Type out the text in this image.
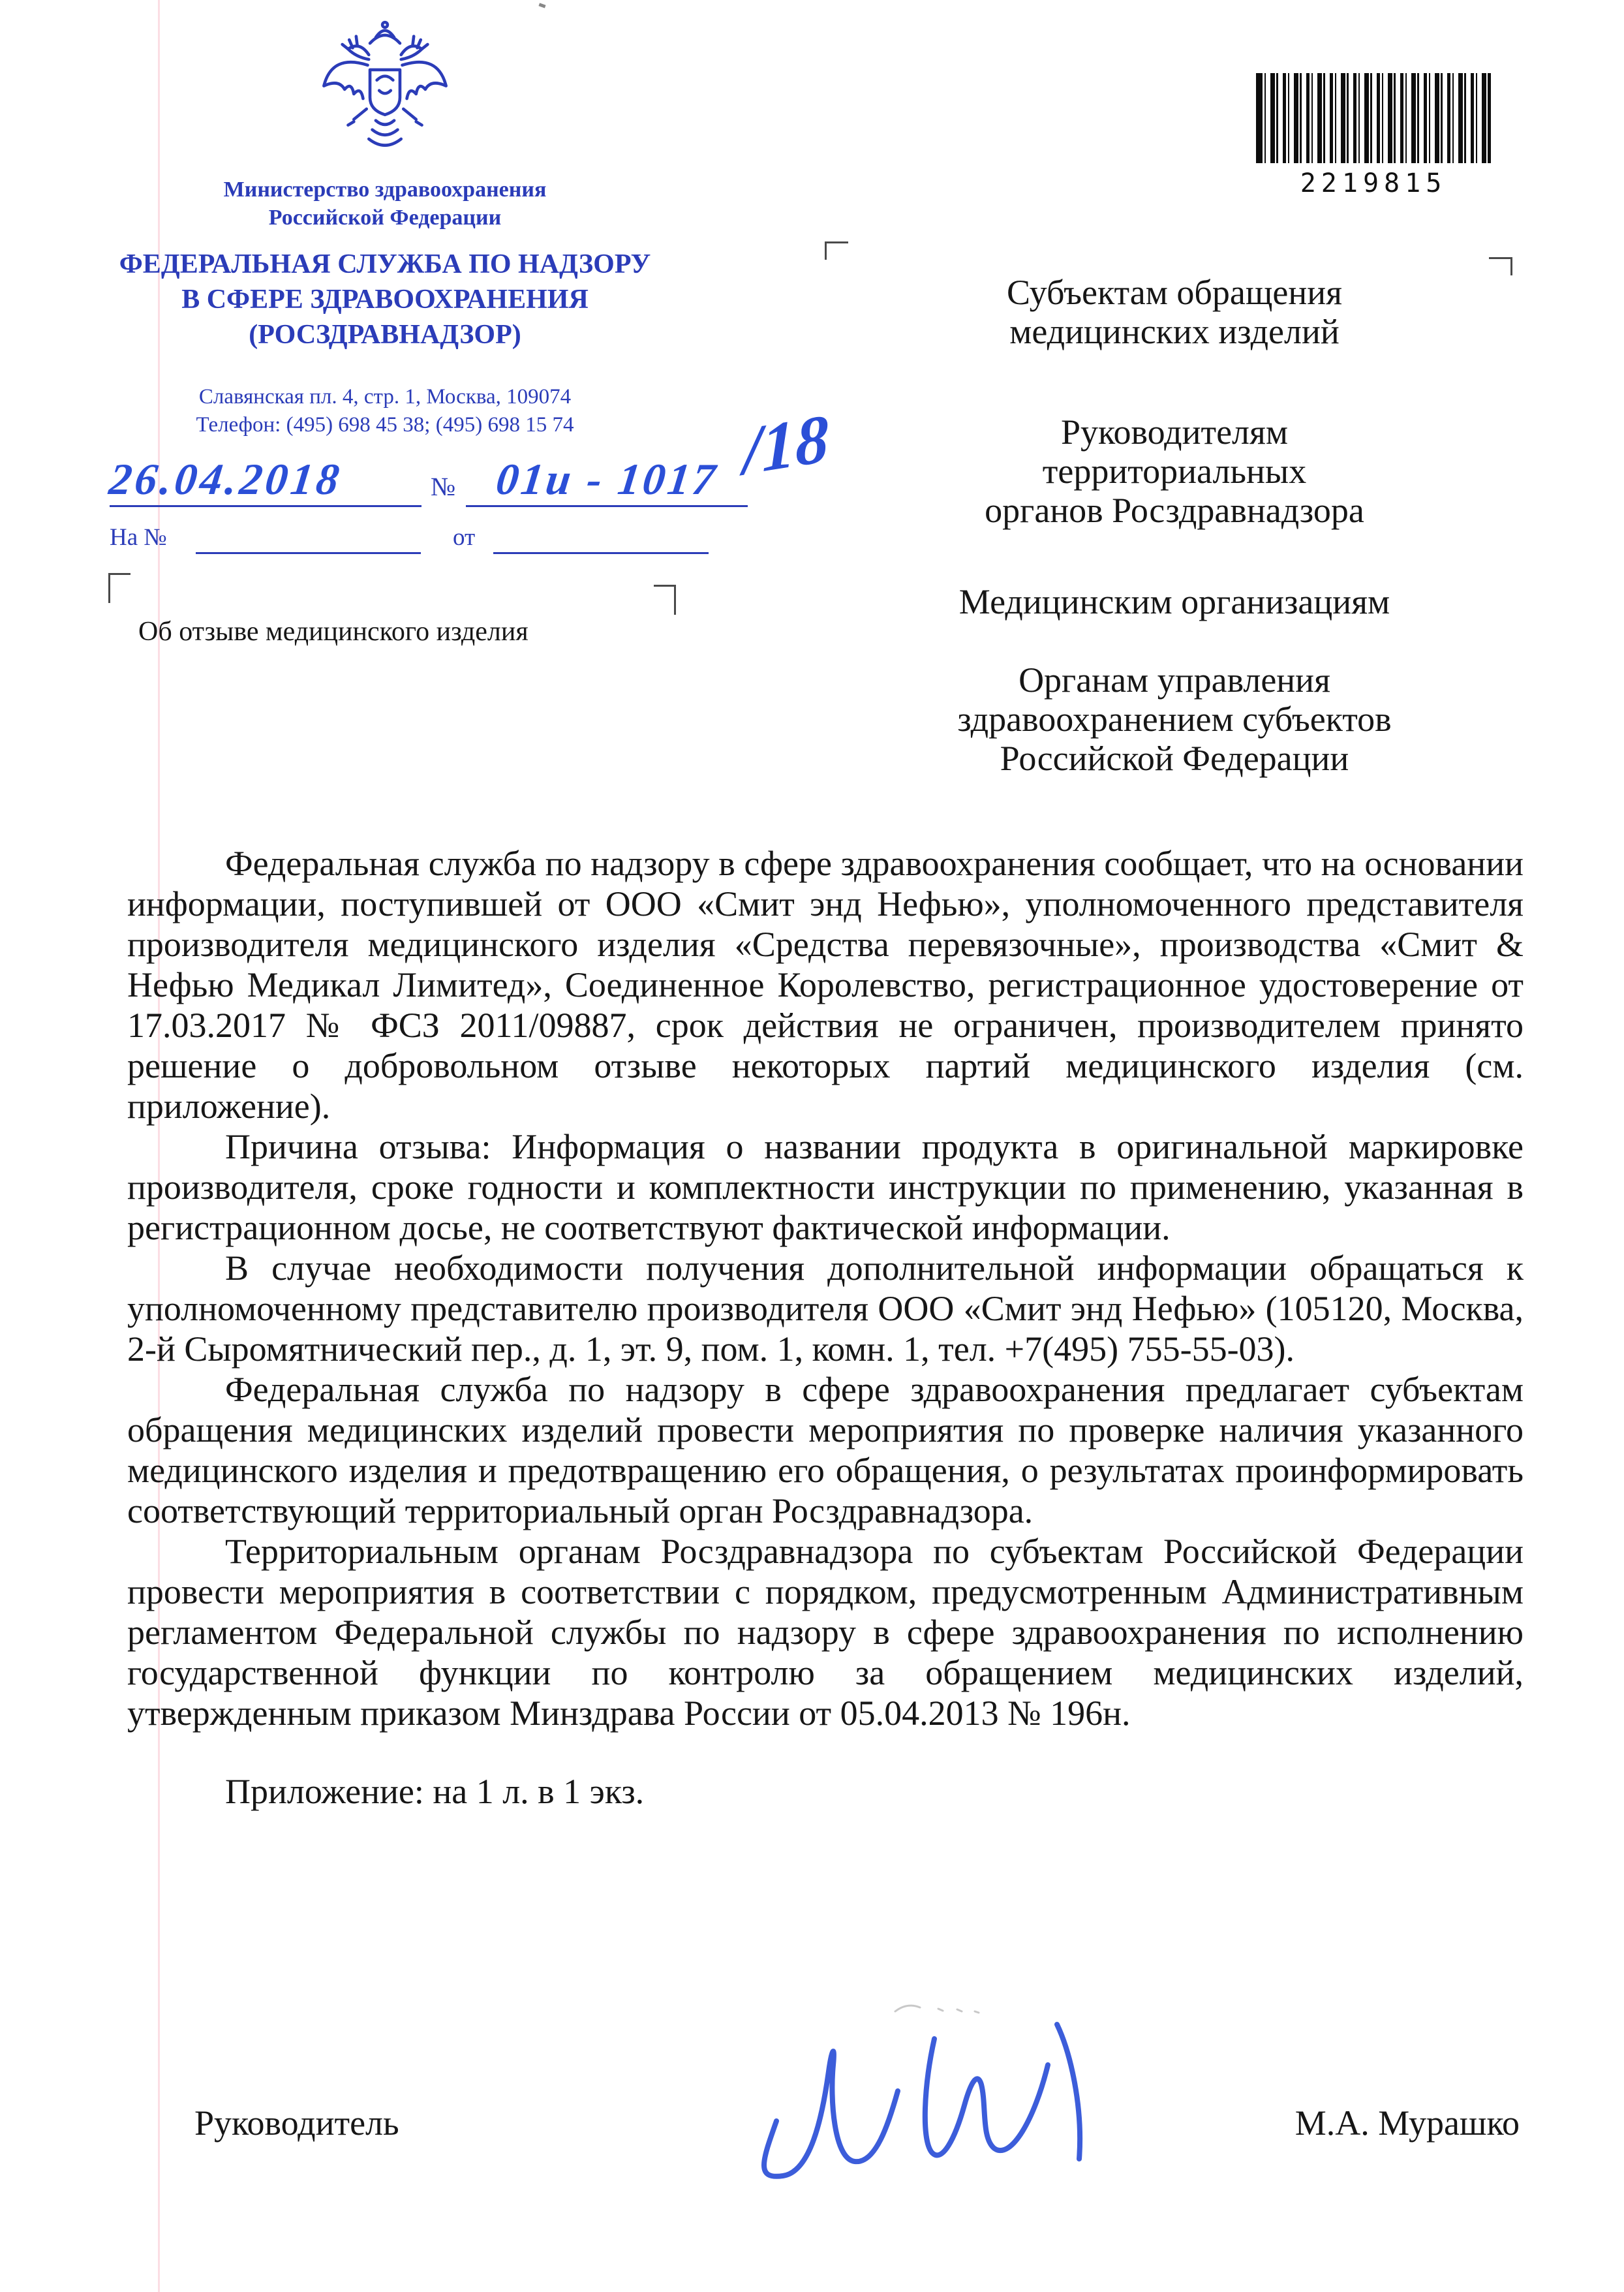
Министерство здравоохранения
Российской Федерации
ФЕДЕРАЛЬНАЯ СЛУЖБА ПО НАДЗОРУ
В СФЕРЕ ЗДРАВООХРАНЕНИЯ
(РОСЗДРАВНАДЗОР)
Славянская пл. 4, стр. 1, Москва, 109074
Телефон: (495) 698 45 38; (495) 698 15 74
2219815
26.04.2018	№ 01и - 1017 /18
На №	от
Об отзыве медицинского изделия
Субъектам обращения
медицинских изделий
Руководителям
территориальных
органов Росздравнадзора
Медицинским организациям
Органам управления
здравоохранением субъектов
Российской Федерации

Федеральная служба по надзору в сфере здравоохранения сообщает, что на основании информации, поступившей от ООО «Смит энд Нефью», уполномоченного представителя производителя медицинского изделия «Средства перевязочные», производства «Смит & Нефью Медикал Лимитед», Соединенное Королевство, регистрационное удостоверение от 17.03.2017 № ФСЗ 2011/09887, срок действия не ограничен, производителем принято решение о добровольном отзыве некоторых партий медицинского изделия (см. приложение).

Причина отзыва: Информация о названии продукта в оригинальной маркировке производителя, сроке годности и комплектности инструкции по применению, указанная в регистрационном досье, не соответствуют фактической информации.

В случае необходимости получения дополнительной информации обращаться к уполномоченному представителю производителя ООО «Смит энд Нефью» (105120, Москва, 2-й Сыромятнический пер., д. 1, эт. 9, пом. 1, комн. 1, тел. +7(495) 755-55-03).

Федеральная служба по надзору в сфере здравоохранения предлагает субъектам обращения медицинских изделий провести мероприятия по проверке наличия указанного медицинского изделия и предотвращению его обращения, о результатах проинформировать соответствующий территориальный орган Росздравнадзора.

Территориальным органам Росздравнадзора по субъектам Российской Федерации провести мероприятия в соответствии с порядком, предусмотренным Административным регламентом Федеральной службы по надзору в сфере здравоохранения по исполнению государственной функции по контролю за обращением медицинских изделий, утвержденным приказом Минздрава России от 05.04.2013 № 196н.

Приложение: на 1 л. в 1 экз.

Руководитель	М.А. Мурашко
